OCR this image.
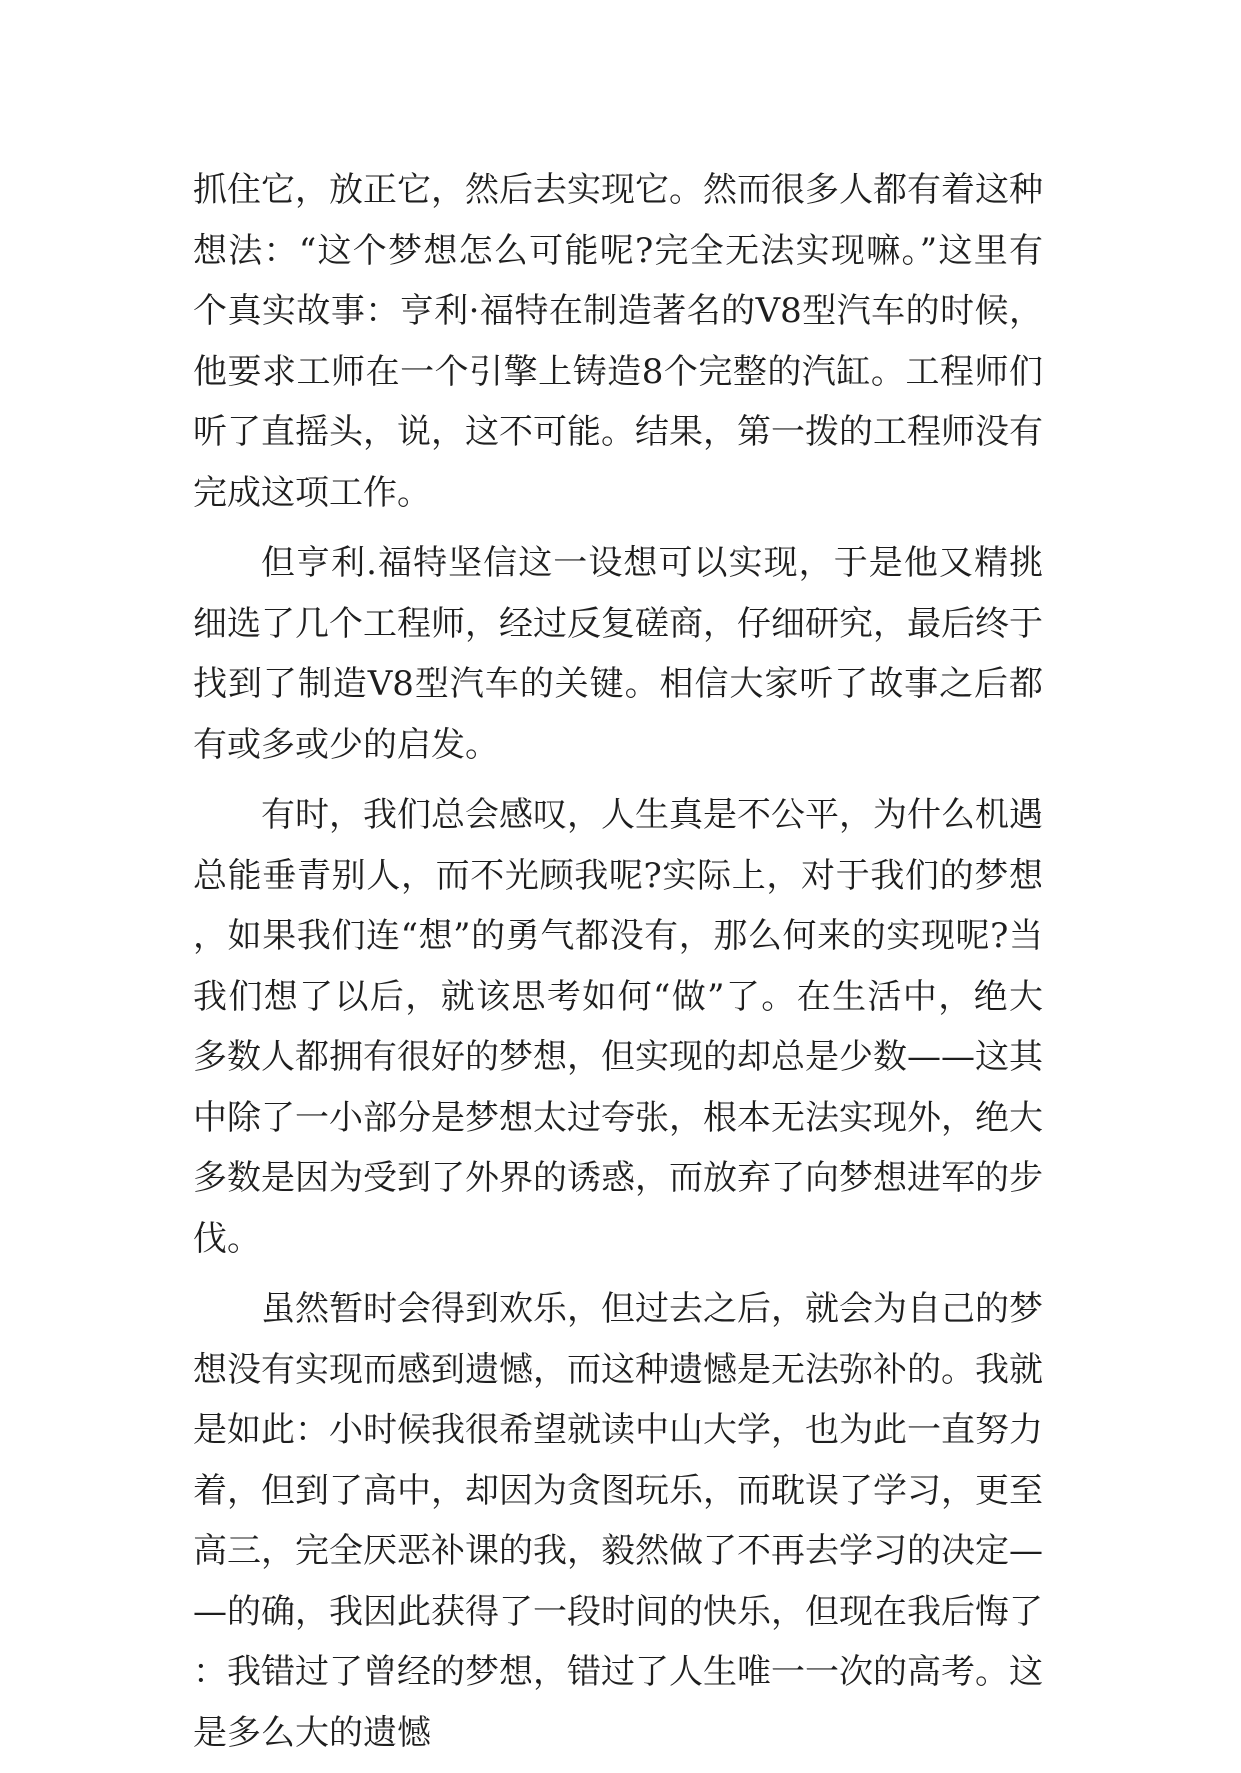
抓住它，放正它，然后去实现它。然而很多人都有着这种想法：“这个梦想怎么可能呢?完全无法实现嘛。”这里有个真实故事：亨利·福特在制造著名的V8型汽车的时候，他要求工师在一个引擎上铸造8个完整的汽缸。工程师们听了直摇头，说，这不可能。结果，第一拨的工程师没有完成这项工作。

但亨利.福特坚信这一设想可以实现，于是他又精挑细选了几个工程师，经过反复磋商，仔细研究，最后终于找到了制造V8型汽车的关键。相信大家听了故事之后都有或多或少的启发。

有时，我们总会感叹，人生真是不公平，为什么机遇总能垂青别人，而不光顾我呢?实际上，对于我们的梦想，如果我们连“想”的勇气都没有，那么何来的实现呢?当我们想了以后，就该思考如何“做”了。在生活中，绝大多数人都拥有很好的梦想，但实现的却总是少数——这其中除了一小部分是梦想太过夸张，根本无法实现外，绝大多数是因为受到了外界的诱惑，而放弃了向梦想进军的步伐。

虽然暂时会得到欢乐，但过去之后，就会为自己的梦想没有实现而感到遗憾，而这种遗憾是无法弥补的。我就是如此：小时候我很希望就读中山大学，也为此一直努力着，但到了高中，却因为贪图玩乐，而耽误了学习，更至高三，完全厌恶补课的我，毅然做了不再去学习的决定——的确，我因此获得了一段时间的快乐，但现在我后悔了：我错过了曾经的梦想，错过了人生唯一一次的高考。这是多么大的遗憾
